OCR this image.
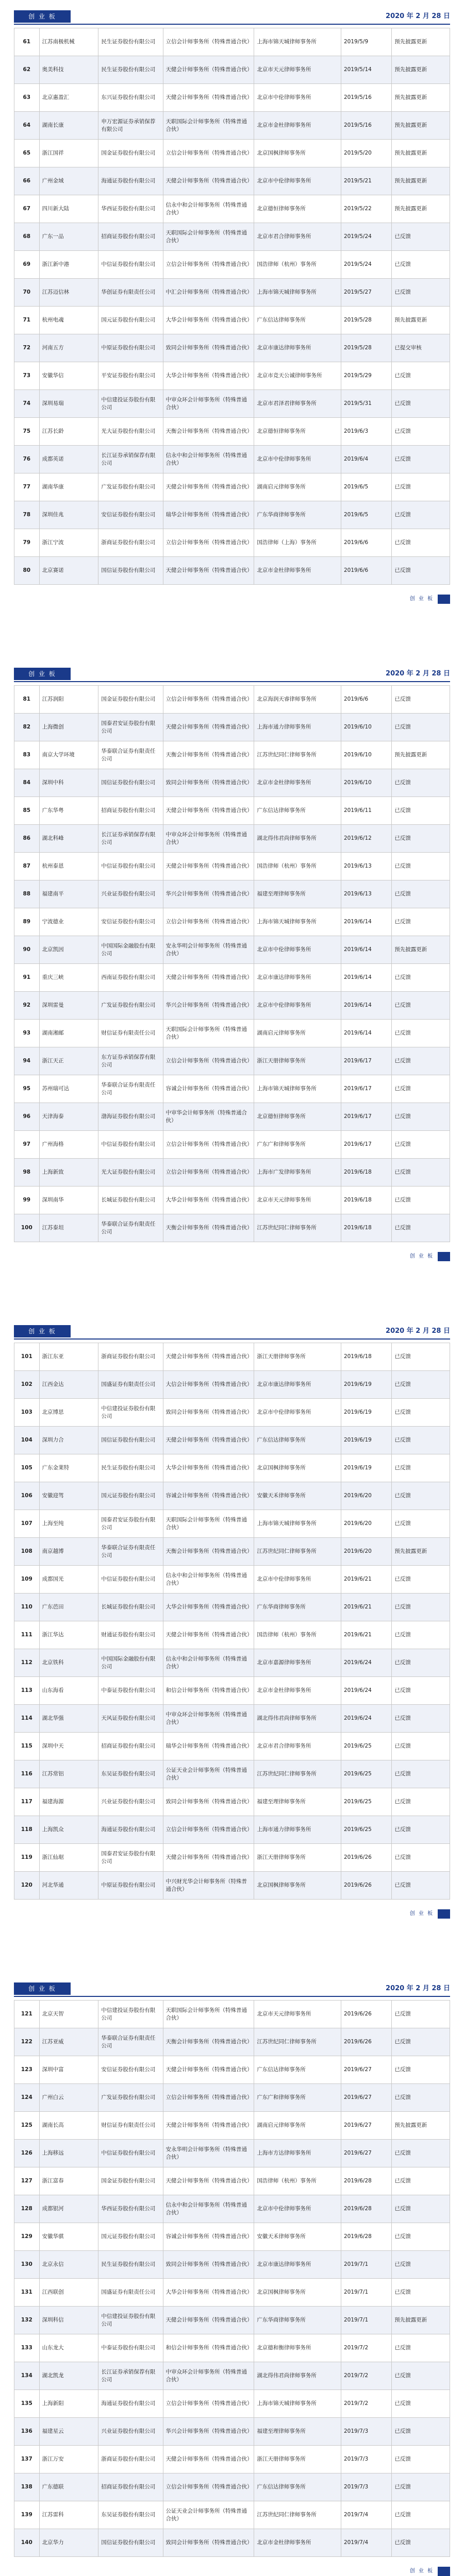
创 业 板	2020 年 2 月 28 日
61	江苏南极机械	民生证券股份有限公司	立信会计师事务所（特殊普通合伙）	上海市锦天城律师事务所	2019/5/9	预先披露更新
62	奥美科技	民生证券股份有限公司	天健会计师事务所（特殊普通合伙）	北京市天元律师事务所	2019/5/14	预先披露更新
63	北京惠盈汇	东兴证券股份有限公司	天健会计师事务所（特殊普通合伙）	北京市中伦律师事务所	2019/5/16	预先披露更新
64	湖南长康	申万宏源证券承销保荐有限公司	天职国际会计师事务所（特殊普通合伙）	北京市金杜律师事务所	2019/5/16	预先披露更新
65	浙江国祥	国金证券股份有限公司	立信会计师事务所（特殊普通合伙）	北京国枫律师事务所	2019/5/20	预先披露更新
66	广州金域	海通证券股份有限公司	天健会计师事务所（特殊普通合伙）	北京市中伦律师事务所	2019/5/21	预先披露更新
67	四川新大陆	华西证券股份有限公司	信永中和会计师事务所（特殊普通合伙）	北京德恒律师事务所	2019/5/22	预先披露更新
68	广东一品	招商证券股份有限公司	天职国际会计师事务所（特殊普通合伙）	北京市君合律师事务所	2019/5/24	已反馈
69	浙江新中港	中信证券股份有限公司	立信会计师事务所（特殊普通合伙）	国浩律师（杭州）事务所	2019/5/24	已反馈
70	江苏迈信林	华创证券有限责任公司	中汇会计师事务所（特殊普通合伙）	上海市锦天城律师事务所	2019/5/27	已反馈
71	杭州电魂	国元证券股份有限公司	大华会计师事务所（特殊普通合伙）	广东信达律师事务所	2019/5/28	预先披露更新
72	河南五方	中原证券股份有限公司	致同会计师事务所（特殊普通合伙）	北京市康达律师事务所	2019/5/28	已提交审核
73	安徽华信	平安证券股份有限公司	大华会计师事务所（特殊普通合伙）	北京市竞天公诚律师事务所	2019/5/29	已反馈
74	深圳易瑞	中信建投证券股份有限公司	中审众环会计师事务所（特殊普通合伙）	北京市君泽君律师事务所	2019/5/31	已反馈
75	江苏长龄	光大证券股份有限公司	天衡会计师事务所（特殊普通合伙）	北京德恒律师事务所	2019/6/3	已反馈
76	成都英诺	长江证券承销保荐有限公司	信永中和会计师事务所（特殊普通合伙）	北京市中伦律师事务所	2019/6/4	已反馈
77	湖南华康	广发证券股份有限公司	天健会计师事务所（特殊普通合伙）	湖南启元律师事务所	2019/6/5	已反馈
78	深圳佳兆	安信证券股份有限公司	瑞华会计师事务所（特殊普通合伙）	广东华商律师事务所	2019/6/5	已反馈
79	浙江宁波	浙商证券股份有限公司	立信会计师事务所（特殊普通合伙）	国浩律师（上海）事务所	2019/6/6	已反馈
80	北京赛诺	国信证券股份有限公司	天健会计师事务所（特殊普通合伙）	北京市金杜律师事务所	2019/6/6	已反馈
创 业 板
创 业 板	2020 年 2 月 28 日
81	江苏润阳	国金证券股份有限公司	立信会计师事务所（特殊普通合伙）	北京海润天睿律师事务所	2019/6/6	已反馈
82	上海微创	国泰君安证券股份有限公司	天健会计师事务所（特殊普通合伙）	上海市通力律师事务所	2019/6/10	已反馈
83	南京大学环境	华泰联合证券有限责任公司	天衡会计师事务所（特殊普通合伙）	江苏世纪同仁律师事务所	2019/6/10	预先披露更新
84	深圳中科	国信证券股份有限公司	致同会计师事务所（特殊普通合伙）	北京市金杜律师事务所	2019/6/10	已反馈
85	广东华粤	招商证券股份有限公司	天健会计师事务所（特殊普通合伙）	广东信达律师事务所	2019/6/11	已反馈
86	湖北科峰	长江证券承销保荐有限公司	中审众环会计师事务所（特殊普通合伙）	湖北得伟君尚律师事务所	2019/6/12	已反馈
87	杭州泰恩	中信证券股份有限公司	天健会计师事务所（特殊普通合伙）	国浩律师（杭州）事务所	2019/6/13	已反馈
88	福建南平	兴业证券股份有限公司	华兴会计师事务所（特殊普通合伙）	福建至理律师事务所	2019/6/13	已反馈
89	宁波德业	安信证券股份有限公司	立信会计师事务所（特殊普通合伙）	上海市锦天城律师事务所	2019/6/14	已反馈
90	北京凯因	中国国际金融股份有限公司	安永华明会计师事务所（特殊普通合伙）	北京市中伦律师事务所	2019/6/14	预先披露更新
91	重庆三峡	西南证券股份有限公司	天健会计师事务所（特殊普通合伙）	北京市康达律师事务所	2019/6/14	已反馈
92	深圳雷曼	广发证券股份有限公司	华兴会计师事务所（特殊普通合伙）	北京市中伦律师事务所	2019/6/14	已反馈
93	湖南湘邮	财信证券有限责任公司	天职国际会计师事务所（特殊普通合伙）	湖南启元律师事务所	2019/6/14	已反馈
94	浙江天正	东方证券承销保荐有限公司	立信会计师事务所（特殊普通合伙）	浙江天册律师事务所	2019/6/17	已反馈
95	苏州瑞可达	华泰联合证券有限责任公司	容诚会计师事务所（特殊普通合伙）	上海市锦天城律师事务所	2019/6/17	已反馈
96	天津海泰	渤海证券股份有限公司	中审华会计师事务所（特殊普通合伙）	北京德恒律师事务所	2019/6/17	已反馈
97	广州海格	中信证券股份有限公司	立信会计师事务所（特殊普通合伙）	广东广和律师事务所	2019/6/17	已反馈
98	上海新致	光大证券股份有限公司	立信会计师事务所（特殊普通合伙）	上海市广发律师事务所	2019/6/18	已反馈
99	深圳南华	长城证券股份有限公司	大华会计师事务所（特殊普通合伙）	北京市天元律师事务所	2019/6/18	已反馈
100	江苏泰坦	华泰联合证券有限责任公司	天衡会计师事务所（特殊普通合伙）	江苏世纪同仁律师事务所	2019/6/18	已反馈
创 业 板
创 业 板	2020 年 2 月 28 日
101	浙江东亚	浙商证券股份有限公司	天健会计师事务所（特殊普通合伙）	浙江天册律师事务所	2019/6/18	已反馈
102	江西金达	国盛证券有限责任公司	大信会计师事务所（特殊普通合伙）	北京市康达律师事务所	2019/6/19	已反馈
103	北京博思	中信建投证券股份有限公司	致同会计师事务所（特殊普通合伙）	北京市中伦律师事务所	2019/6/19	已反馈
104	深圳力合	国信证券股份有限公司	天健会计师事务所（特殊普通合伙）	广东信达律师事务所	2019/6/19	已反馈
105	广东金莱特	民生证券股份有限公司	大华会计师事务所（特殊普通合伙）	北京国枫律师事务所	2019/6/19	已反馈
106	安徽迎驾	国元证券股份有限公司	容诚会计师事务所（特殊普通合伙）	安徽天禾律师事务所	2019/6/20	已反馈
107	上海至纯	国泰君安证券股份有限公司	天职国际会计师事务所（特殊普通合伙）	上海市锦天城律师事务所	2019/6/20	已反馈
108	南京越博	华泰联合证券有限责任公司	天衡会计师事务所（特殊普通合伙）	江苏世纪同仁律师事务所	2019/6/20	预先披露更新
109	成都国光	中信证券股份有限公司	信永中和会计师事务所（特殊普通合伙）	北京市中伦律师事务所	2019/6/21	已反馈
110	广东芭田	长城证券股份有限公司	大华会计师事务所（特殊普通合伙）	广东华商律师事务所	2019/6/21	已反馈
111	浙江华达	财通证券股份有限公司	天健会计师事务所（特殊普通合伙）	国浩律师（杭州）事务所	2019/6/21	已反馈
112	北京铁科	中国国际金融股份有限公司	信永中和会计师事务所（特殊普通合伙）	北京市嘉源律师事务所	2019/6/24	已反馈
113	山东海看	中泰证券股份有限公司	和信会计师事务所（特殊普通合伙）	北京市金杜律师事务所	2019/6/24	已反馈
114	湖北华强	天风证券股份有限公司	中审众环会计师事务所（特殊普通合伙）	湖北得伟君尚律师事务所	2019/6/24	已反馈
115	深圳中天	招商证券股份有限公司	瑞华会计师事务所（特殊普通合伙）	北京市君合律师事务所	2019/6/25	已反馈
116	江苏常铝	东吴证券股份有限公司	公证天业会计师事务所（特殊普通合伙）	江苏世纪同仁律师事务所	2019/6/25	已反馈
117	福建海源	兴业证券股份有限公司	致同会计师事务所（特殊普通合伙）	福建至理律师事务所	2019/6/25	已反馈
118	上海凯众	海通证券股份有限公司	立信会计师事务所（特殊普通合伙）	上海市通力律师事务所	2019/6/25	已反馈
119	浙江仙琚	国泰君安证券股份有限公司	天健会计师事务所（特殊普通合伙）	浙江天册律师事务所	2019/6/26	已反馈
120	河北华通	中原证券股份有限公司	中兴财光华会计师事务所（特殊普通合伙）	北京国枫律师事务所	2019/6/26	已反馈
创 业 板
创 业 板	2020 年 2 月 28 日
121	北京天智	中信建投证券股份有限公司	天职国际会计师事务所（特殊普通合伙）	北京市天元律师事务所	2019/6/26	已反馈
122	江苏亚威	华泰联合证券有限责任公司	天衡会计师事务所（特殊普通合伙）	江苏世纪同仁律师事务所	2019/6/26	已反馈
123	深圳中富	安信证券股份有限公司	天健会计师事务所（特殊普通合伙）	广东信达律师事务所	2019/6/27	已反馈
124	广州白云	广发证券股份有限公司	立信会计师事务所（特殊普通合伙）	广东广和律师事务所	2019/6/27	已反馈
125	湖南长高	财信证券有限责任公司	天健会计师事务所（特殊普通合伙）	湖南启元律师事务所	2019/6/27	预先披露更新
126	上海移远	中信证券股份有限公司	安永华明会计师事务所（特殊普通合伙）	上海市方达律师事务所	2019/6/27	已反馈
127	浙江富春	国金证券股份有限公司	天健会计师事务所（特殊普通合伙）	国浩律师（杭州）事务所	2019/6/28	已反馈
128	成都银河	华西证券股份有限公司	信永中和会计师事务所（特殊普通合伙）	北京市中伦律师事务所	2019/6/28	已反馈
129	安徽华骐	国元证券股份有限公司	容诚会计师事务所（特殊普通合伙）	安徽天禾律师事务所	2019/6/28	已反馈
130	北京永信	民生证券股份有限公司	致同会计师事务所（特殊普通合伙）	北京市康达律师事务所	2019/7/1	已反馈
131	江西联创	国盛证券有限责任公司	大华会计师事务所（特殊普通合伙）	北京国枫律师事务所	2019/7/1	已反馈
132	深圳科信	中信建投证券股份有限公司	天健会计师事务所（特殊普通合伙）	广东华商律师事务所	2019/7/1	预先披露更新
133	山东龙大	中泰证券股份有限公司	和信会计师事务所（特殊普通合伙）	北京德和衡律师事务所	2019/7/2	已反馈
134	湖北凯龙	长江证券承销保荐有限公司	中审众环会计师事务所（特殊普通合伙）	湖北得伟君尚律师事务所	2019/7/2	已反馈
135	上海新阳	海通证券股份有限公司	立信会计师事务所（特殊普通合伙）	上海市锦天城律师事务所	2019/7/2	已反馈
136	福建星云	兴业证券股份有限公司	华兴会计师事务所（特殊普通合伙）	福建至理律师事务所	2019/7/3	已反馈
137	浙江万安	浙商证券股份有限公司	天健会计师事务所（特殊普通合伙）	浙江天册律师事务所	2019/7/3	已反馈
138	广东德联	招商证券股份有限公司	立信会计师事务所（特殊普通合伙）	广东信达律师事务所	2019/7/3	已反馈
139	江苏雷科	东吴证券股份有限公司	公证天业会计师事务所（特殊普通合伙）	江苏世纪同仁律师事务所	2019/7/4	已反馈
140	北京华力	国信证券股份有限公司	致同会计师事务所（特殊普通合伙）	北京市金杜律师事务所	2019/7/4	已反馈
创 业 板
